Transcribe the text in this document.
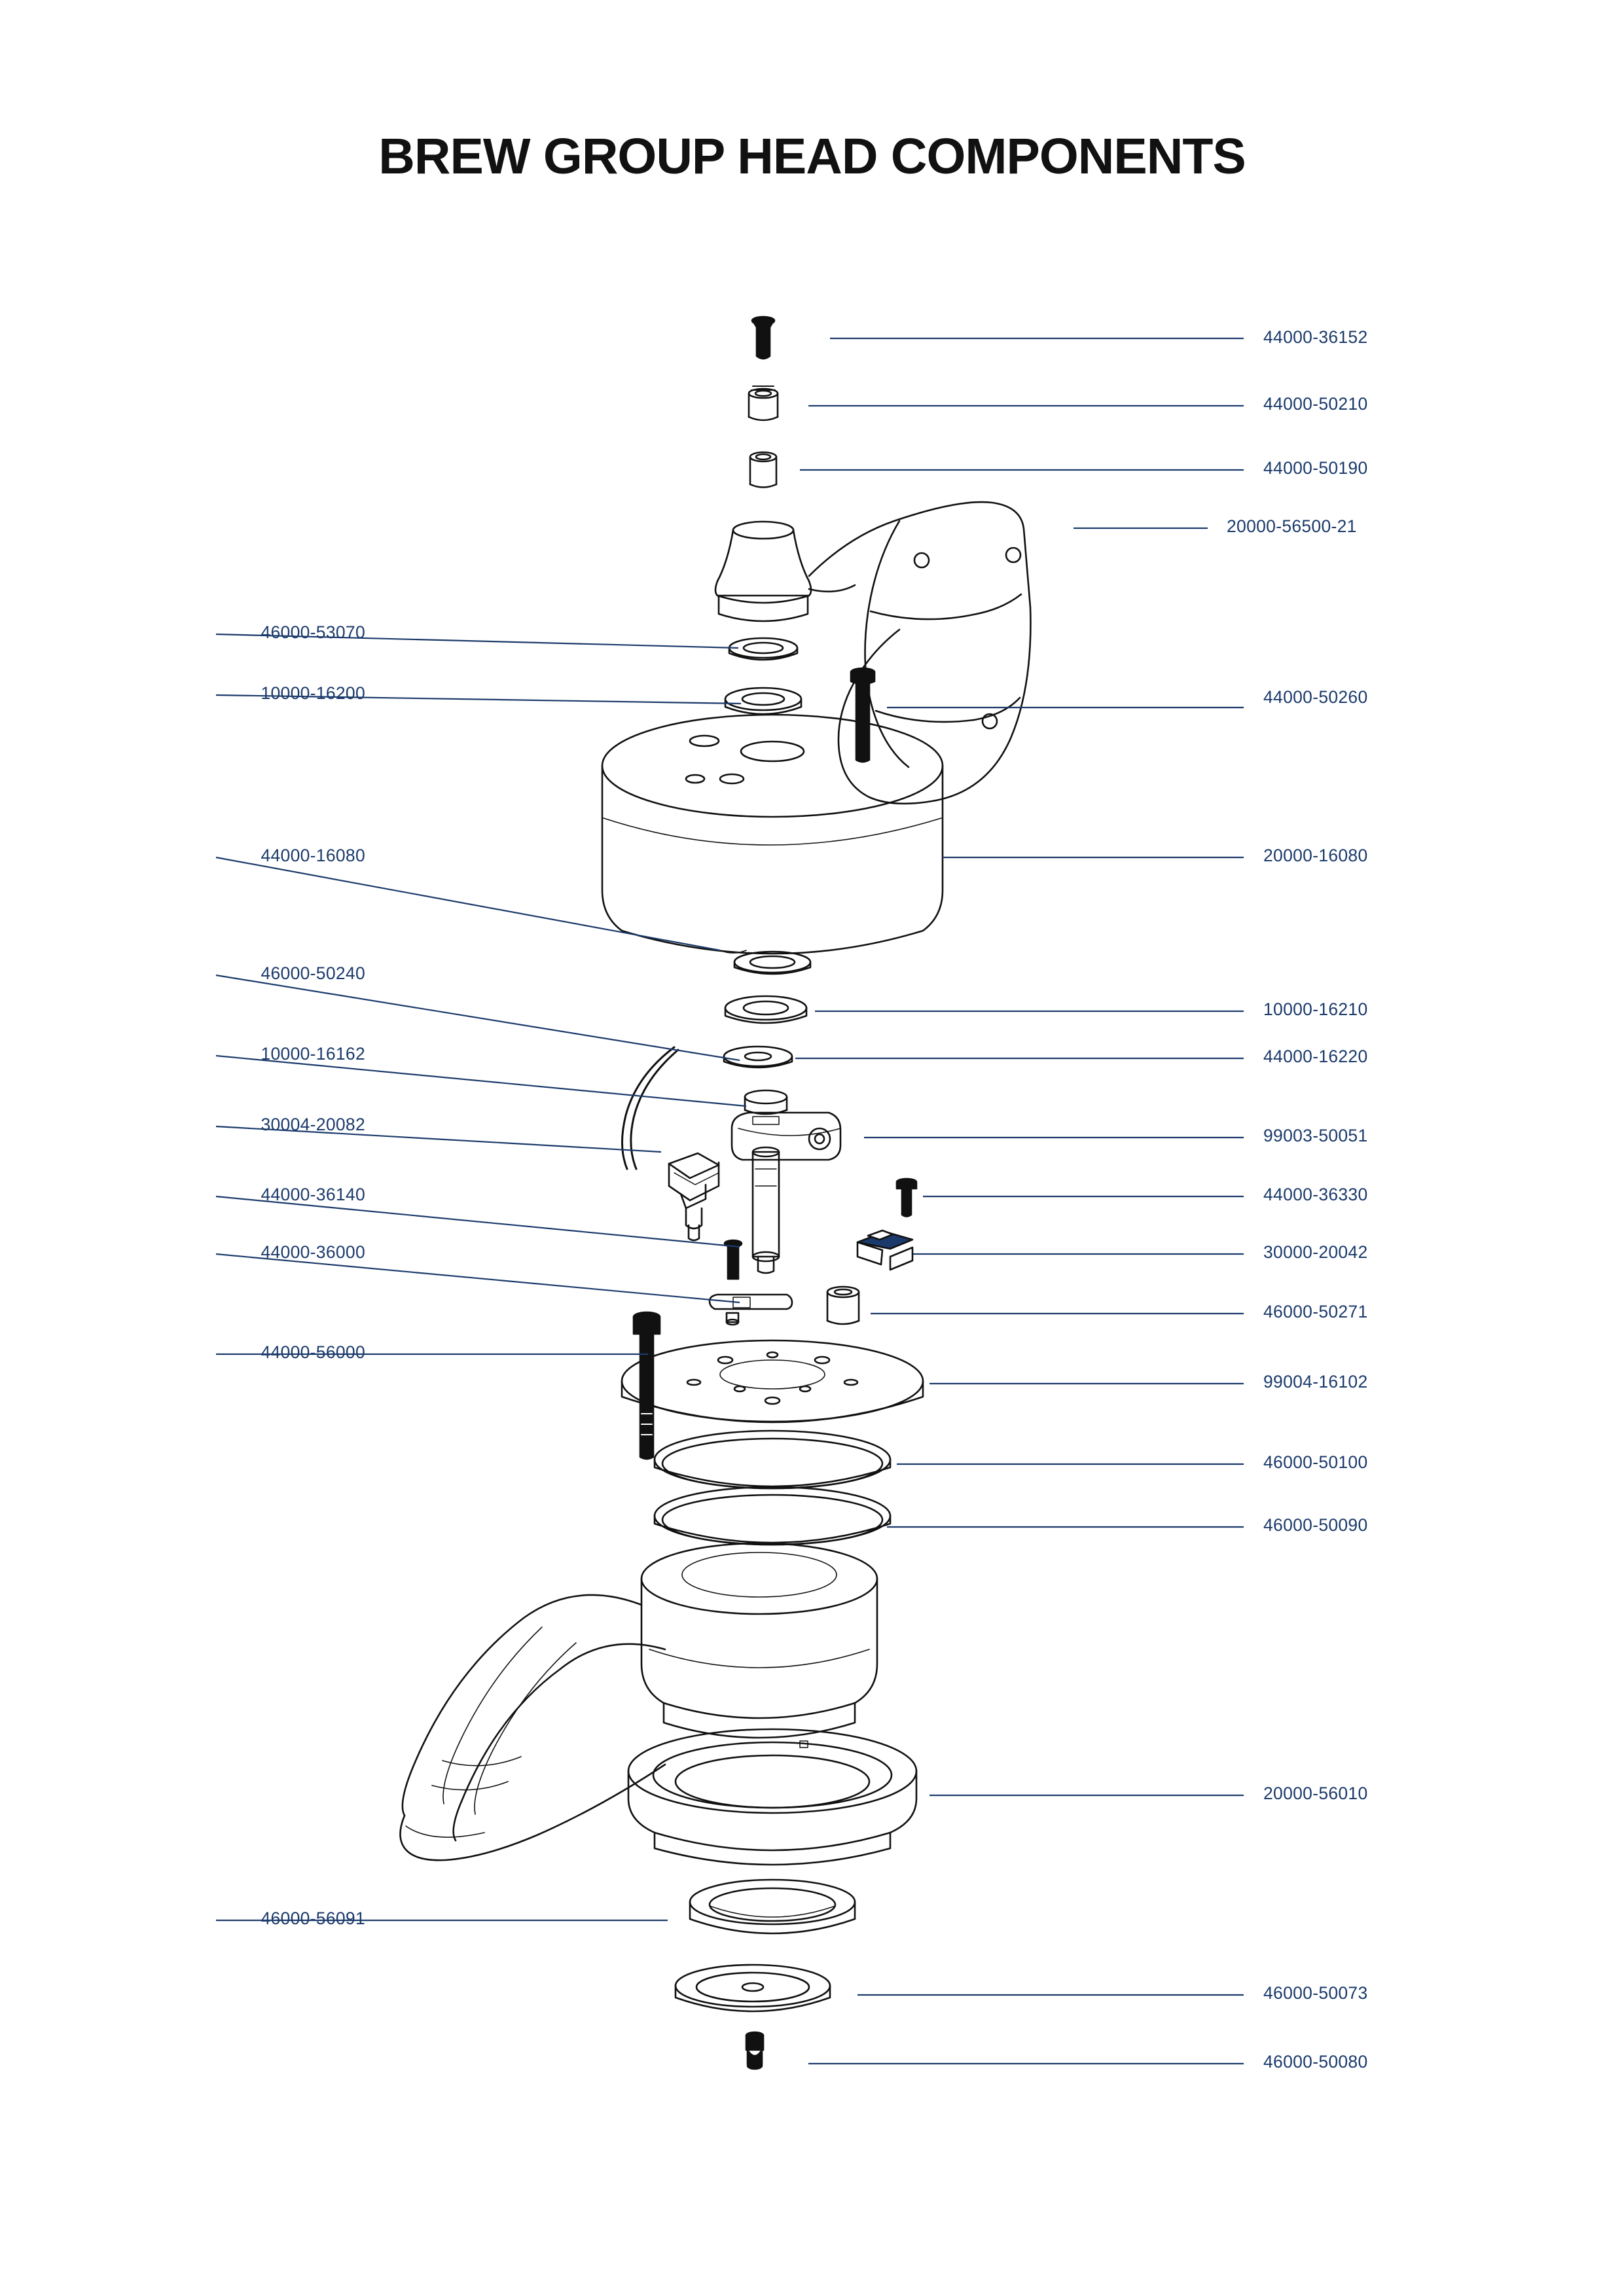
BREW GROUP HEAD COMPONENTS
44000-36152
44000-50210
44000-50190
20000-56500-21
44000-50260
20000-16080
10000-16210
44000-16220
99003-50051
44000-36330
30000-20042
46000-50271
99004-16102
46000-50100
46000-50090
20000-56010
46000-50073
46000-50080
46000-53070
10000-16200
44000-16080
46000-50240
10000-16162
30004-20082
44000-36140
44000-36000
44000-56000
46000-56091
